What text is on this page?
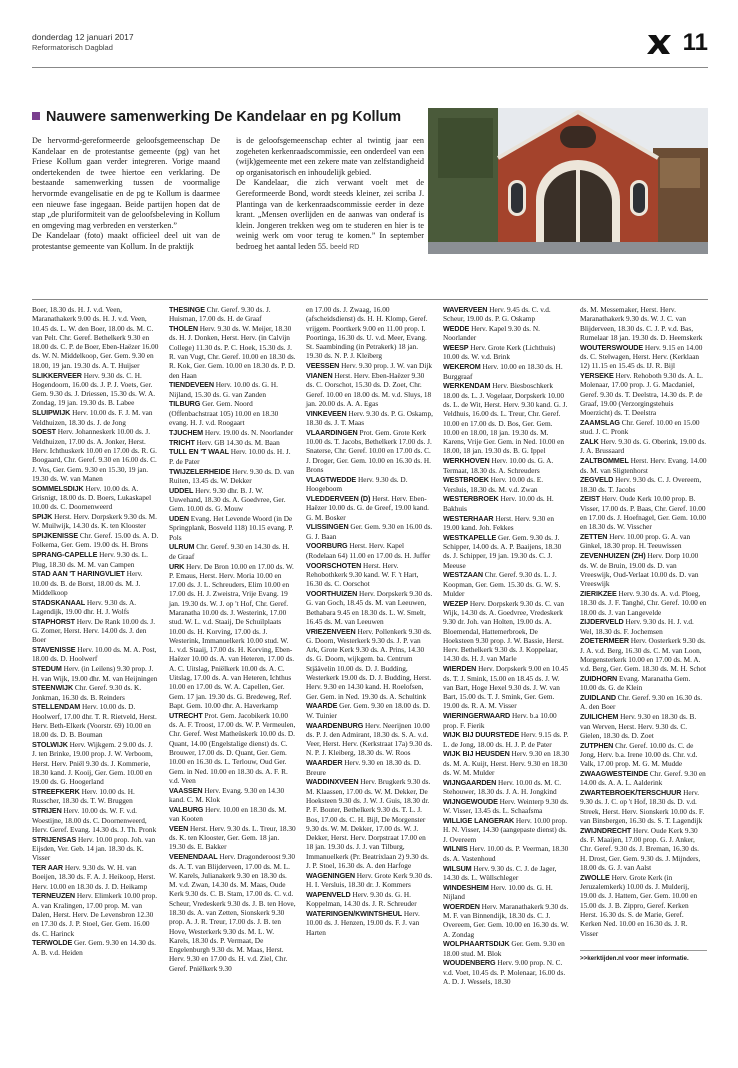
donderdag 12 januari 2017
Reformatorisch Dagblad	11
Nauwere samenwerking De Kandelaar en pg Kollum

De hervormd-gereformeerde geloofsgemeenschap De Kandelaar en de protestantse gemeente (pg) van het Friese Kollum gaan verder integreren. Vorige maand ondertekenden de twee hiertoe een verklaring. De bestaande samenwerking tussen de voormalige hervormde evangelisatie en de pg te Kollum is daarmee een nieuwe fase ingegaan. Beide partijen hopen dat de stap „de pluriformiteit van de geloofsbeleving in Kollum en omgeving mag verbreden en versterken.”

De Kandelaar (foto) maakt officieel deel uit van de protestantse gemeente van Kollum. In de praktijk

is de geloofsgemeenschap echter al twintig jaar een zogeheten kerkenraadscommissie, een onderdeel van een (wijk)gemeente met een zekere mate van zelfstandigheid op organisatorisch en inhoudelijk gebied.

De Kandelaar, die zich verwant voelt met de Gereformeerde Bond, wordt steeds kleiner, zei scriba J. Plantinga van de kerkenraadscommissie eerder in deze krant. „Mensen overlijden en de aanwas van onderaf is klein. Jongeren trekken weg om te studeren en hier is te weinig werk om voor terug te komen.” In september bedroeg het aantal leden 55. beeld RD

Boer, 18.30 ds. H. J. v.d. Veen, Maranathakerk 9.00 ds. H. J. v.d. Veen, 10.45 ds. L. W. den Boer, 18.00 ds. M. C. van Pelt. Chr. Geref. Bethelkerk 9.30 en 18.00 ds. C. P. de Boer, Eben-Haëzer 16.00 ds. W. N. Middelkoop, Ger. Gem. 9.30 en 18.00, 19 jan. 19.30 ds. A. T. Huijser
SLIKKERVEER Herv. 9.30 ds. C. H. Hogendoorn, 16.00 ds. J. P. J. Voets, Ger. Gem. 9.30 ds. J. Driessen, 15.30 ds. W. A. Zondag, 19 jan. 19.30 ds. B. Labee
SLUIPWIJK Herv. 10.00 ds. F. J. M. van Veldhuizen, 18.30 ds. J. de Jong
SOEST Herv. Johanneskerk 10.00 ds. J. Veldhuizen, 17.00 ds. A. Jonker, Herst. Herv. Ichthuskerk 10.00 en 17.00 ds. R. G. Boogaard, Chr. Geref. 9.30 en 16.00 ds. C. J. Vos, Ger. Gem. 9.30 en 15.30, 19 jan. 19.30 ds. W. van Manen
SOMMELSDIJK Herv. 10.00 ds. A. Grisnigt, 18.00 ds. D. Boers, Lukaskapel 10.00 ds. C. Doornenweerd
SPIJK Herst. Herv. Dorpskerk 9.30 ds. M. W. Muilwijk, 14.30 ds. K. ten Klooster
SPIJKENISSE Chr. Geref. 15.00 ds. A. D. Folkema, Ger. Gem. 19.00 ds. H. Brons
SPRANG-CAPELLE Herv. 9.30 ds. L. Plug, 18.30 ds. M. M. van Campen
STAD AAN 'T HARINGVLIET Herv. 10.00 ds. B. de Borst, 18.00 ds. M. J. Middelkoop
STADSKANAAL Herv. 9.30 ds. A. Lagendijk, 19.00 dhr. H. J. Wolfs
STAPHORST Herv. De Rank 10.00 ds. J. G. Zomer, Herst. Herv. 14.00 ds. J. den Boer
STAVENISSE Herv. 10.00 ds. M. A. Post, 18.00 ds. D. Hoolwerf
STEDUM Herv. (in Leilens) 9.30 prop. J. H. van Wijk, 19.00 dhr. M. van Heijningen
STEENWIJK Chr. Geref. 9.30 ds. K. Jonkman, 16.30 ds. B. Reinders
STELLENDAM Herv. 10.00 ds. D. Hoolwerf, 17.00 dhr. T. R. Rietveld, Herst. Herv. Beth-Elkerk (Voorstr. 69) 10.00 en 18.00 ds. D. B. Bouman
STOLWIJK Herv. Wijkgem. 2 9.00 ds. J. J. ten Brinke, 19.00 prop. J. W. Verboom, Herst. Herv. Pniël 9.30 ds. J. Kommerie, 18.30 kand. J. Kooij, Ger. Gem. 10.00 en 19.00 ds. G. Hoogerland
STREEFKERK Herv. 10.00 ds. H. Russcher, 18.30 ds. T. W. Bruggen
STRIJEN Herv. 10.00 ds. W. F. v.d. Woestijne, 18.00 ds. C. Doornenweerd, Herv. Geref. Evang. 14.30 ds. J. Th. Pronk
STRIJENSAS Herv. 10.00 prop. Joh. van Eijsden, Ver. Geb. 14 jan. 18.30 ds. K. Visser
TER AAR Herv. 9.30 ds. W. H. van Boeijen, 18.30 ds. F. A. J. Heikoop, Herst. Herv. 10.00 en 18.30 ds. J. D. Heikamp
TERNEUZEN Herv. Elimkerk 10.00 prop. A. van Kralingen, 17.00 prop. M. van Dalen, Herst. Herv. De Levensbron 12.30 en 17.30 ds. J. P. Stoel, Ger. Gem. 16.00 ds. C. Harinck
TERWOLDE Ger. Gem. 9.30 en 14.30 ds. A. B. v.d. Heiden
THESINGE Chr. Geref. 9.30 ds. J. Huisman, 17.00 ds. H. de Graaf
THOLEN Herv. 9.30 ds. W. Meijer, 18.30 ds. H. J. Donken, Herst. Herv. (in Calvijn College) 11.30 ds. P. C. Hoek, 15.30 ds. J. R. van Vugt, Chr. Geref. 10.00 en 18.30 ds. R. Kok, Ger. Gem. 10.00 en 18.30 ds. P. D. den Haan
TIENDEVEEN Herv. 10.00 ds. G. H. Nijland, 15.30 ds. G. van Zanden
TILBURG Ger. Gem. Noord (Offenbachstraat 105) 10.00 en 18.30 evang. H. J. v.d. Roogaart
TJUCHEM Herv. 19.00 ds. N. Noorlander
TRICHT Herv. GB 14.30 ds. M. Baan
TULL EN 'T WAAL Herv. 10.00 ds. H. J. P. de Pater
TWIJZELERHEIDE Herv. 9.30 ds. D. van Ruiten, 13.45 ds. W. Dekker
UDDEL Herv. 9.30 dhr. B. J. W. Uuwehand, 18.30 ds. A. Goedvree, Ger. Gem. 10.00 ds. G. Mouw
UDEN Evang. Het Levende Woord (in De Springplank, Bosveld 118) 10.15 evang. P. Pols
ULRUM Chr. Geref. 9.30 en 14.30 ds. H. de Graaf
URK Herv. De Bron 10.00 en 17.00 ds. W. P. Emaus, Herst. Herv. Moria 10.00 en 17.00 ds. J. L. Schreuders, Elim 10.00 en 17.00 ds. H. J. Zweistra, Vrije Evang. 19 jan. 19.30 ds. W. J. op 't Hof, Chr. Geref. Maranatha 10.00 ds. J. Westerink, 17.00 stud. W. L. v.d. Staaij, De Schuilplaats 10.00 ds. H. Korving, 17.00 ds. J. Westerink, Immanuelkerk 10.00 stud. W. L. v.d. Staaij, 17.00 ds. H. Korving, Eben-Haëzer 10.00 ds. A. van Heteren, 17.00 ds. A. C. Uitslag, Pniëlkerk 10.00 ds. A. C. Uitslag, 17.00 ds. A. van Heteren, Ichthus 10.00 en 17.00 ds. W. A. Capellen, Ger. Gem. 17 jan. 19.30 ds. G. Bredeweg, Ref. Bapt. Gem. 10.00 dhr. A. Haverkamp
UTRECHT Prot. Gem. Jacobikerk 10.00 ds. A. F. Troost, 17.00 ds. W. P. Vermeulen, Chr. Geref. West Matheüskerk 10.00 ds. D. Quant, 14.00 (Engelstalige dienst) ds. C. Brouwer, 17.00 ds. D. Quant, Ger. Gem. 10.00 en 16.30 ds. L. Terlouw, Oud Ger. Gem. in Ned. 10.00 en 18.30 ds. A. F. R. v.d. Veen
VAASSEN Herv. Evang. 9.30 en 14.30 kand. C. M. Klok
VALBURG Herv. 10.00 en 18.30 ds. M. van Kooten
VEEN Herst. Herv. 9.30 ds. L. Treur, 18.30 ds. K. ten Klooster, Ger. Gem. 18 jan. 19.30 ds. E. Bakker
VEENENDAAL Herv. Dragonderoost 9.30 ds. A. T. van Blijderveen, 17.00 ds. M. L. W. Karels, Julianakerk 9.30 en 18.30 ds. M. v.d. Zwan, 14.30 ds. M. Maas, Oude Kerk 9.30 ds. C. B. Stam, 17.00 ds. C. v.d. Scheur, Vredeskerk 9.30 ds. J. B. ten Hove, 18.30 ds. A. van Zetten, Sionskerk 9.30 prop. A. J. R. Treur, 17.00 ds. J. B. ten Hove, Westerkerk 9.30 ds. M. L. W. Karels, 18.30 ds. P. Vermaat, De Engelenburgh 9.30 ds. M. Maas, Herst. Herv. 9.30 en 17.00 ds. H. v.d. Ziel, Chr. Geref. Pniëlkerk 9.30
en 17.00 ds. J. Zwaag, 16.00 (afscheidsdienst) ds. H. H. Klomp, Geref. vrijgem. Poortkerk 9.00 en 11.00 prop. I. Poortinga, 16.30 ds. U. v.d. Meer, Evang. St. Saambinding (in Petrakerk) 18 jan. 19.30 ds. N. P. J. Kleiberg
VEESSEN Herv. 9.30 prop. J. W. van Dijk
VIANEN Herst. Herv. Eben-Haëzer 9.30 ds. C. Oorschot, 15.30 ds. D. Zoet, Chr. Geref. 10.00 en 18.00 ds. M. v.d. Sluys, 18 jan. 20.00 ds. A. A. Egas
VINKEVEEN Herv. 9.30 ds. P. G. Oskamp, 18.30 ds. J. T. Maas
VLAARDINGEN Prot. Gem. Grote Kerk 10.00 ds. T. Jacobs, Bethelkerk 17.00 ds. J. Snaterse, Chr. Geref. 10.00 en 17.00 ds. C. J. Droger, Ger. Gem. 10.00 en 16.30 ds. H. Brons
VLAGTWEDDE Herv. 9.30 ds. D. Hoogeboom
VLEDDERVEEN (D) Herst. Herv. Eben-Haëzer 10.00 ds. G. de Greef, 19.00 kand. G. M. Bosker
VLISSINGEN Ger. Gem. 9.30 en 16.00 ds. G. J. Baan
VOORBURG Herst. Herv. Kapel (Rodelaan 64) 11.00 en 17.00 ds. H. Juffer
VOORSCHOTEN Herst. Herv. Rehobothkerk 9.30 kand. W. F. 't Hart, 16.30 ds. C. Oorschot
VOORTHUIZEN Herv. Dorpskerk 9.30 ds. G. van Goch, 18.45 ds. M. van Leeuwen, Bethabara 9.45 en 18.30 ds. L. W. Smelt, 16.45 ds. M. van Leeuwen
VRIEZENVEEN Herv. Pollenkerk 9.30 ds. G. Doorn, Westerkerk 9.30 ds. J. P. van Ark, Grote Kerk 9.30 ds. A. Prins, 14.30 ds. G. Doorn, wijkgem. ba. Centrum Stjäävelin 10.00 ds. D. J. Budding, Westerkerk 19.00 ds. D. J. Budding, Herst. Herv. 9.30 en 14.30 kand. H. Roelofsen, Ger. Gem. in Ned. 19.30 ds. A. Schultink
WAARDE Ger. Gem. 9.30 en 18.00 ds. D. W. Tuinier
WAARDENBURG Herv. Neerijnen 10.00 ds. P. J. den Admirant, 18.30 ds. S. A. v.d. Veer, Herst. Herv. (Kerkstraat 17a) 9.30 ds. N. P. J. Kleiberg, 18.30 ds. W. Roos
WAARDER Herv. 9.30 en 18.30 ds. D. Breure
WADDINXVEEN Herv. Brugkerk 9.30 ds. M. Klaassen, 17.00 ds. W. M. Dekker, De Hoeksteen 9.30 ds. J. W. J. Guis, 18.30 dr. P. F. Bouter, Bethelkerk 9.30 ds. T. L. J. Bos, 17.00 ds. C. H. Bijl, De Morgenster 9.30 ds. W. M. Dekker, 17.00 ds. W. J. Dekker, Herst. Herv. Dorpstraat 17.00 en 18 jan. 19.30 ds. J. J. van Tilburg, Immanuelkerk (Pr. Beatrixlaan 2) 9.30 ds. J. P. Stoel, 16.30 ds. A. den Harfoge
WAGENINGEN Herv. Grote Kerk 9.30 ds. H. I. Versluis, 18.30 dr. J. Kommers
WAPENVELD Herv. 9.30 ds. G. H. Koppelman, 14.30 ds. J. R. Schreuder
WATERINGEN/KWINTSHEUL Herv. 10.00 ds. J. Henzen, 19.00 ds. F. J. van Harten
WAVERVEEN Herv. 9.45 ds. C. v.d. Scheur, 19.00 ds. P. G. Oskamp
WEDDE Herv. Kapel 9.30 ds. N. Noorlander
WEESP Herv. Grote Kerk (Lichthuis) 10.00 ds. W. v.d. Brink
WEKEROM Herv. 10.00 en 18.30 ds. H. Burggraaf
WERKENDAM Herv. Biesboschkerk 18.00 ds. L. J. Vogelaar, Dorpskerk 10.00 ds. L. de Wit, Herst. Herv. 9.30 kand. G. J. Veldhuis, 16.00 ds. L. Treur, Chr. Geref. 10.00 en 17.00 ds. D. Bos, Ger. Gem. 10.00 en 18.00, 18 jan. 19.30 ds. M. Karens, Vrije Ger. Gem. in Ned. 10.00 en 18.00, 18 jan. 19.30 ds. B. G. Ippel
WERKHOVEN Herv. 10.00 ds. G. A. Termaat, 18.30 ds. A. Schreuders
WESTBROEK Herv. 10.00 ds. E. Versluis, 18.30 ds. M. v.d. Zwan
WESTERBROEK Herv. 10.00 ds. H. Bakhuis
WESTERHAAR Herst. Herv. 9.30 en 19.00 kand. Joh. Fekkes
WESTKAPELLE Ger. Gem. 9.30 ds. J. Schipper, 14.00 ds. A. P. Baaijens, 18.30 ds. J. Schipper, 19 jan. 19.30 ds. C. J. Meeuse
WESTZAAN Chr. Geref. 9.30 ds. L. J. Koopman, Ger. Gem. 15.30 ds. G. W. S. Mulder
WEZEP Herv. Dorpskerk 9.30 ds. C. van Wijk, 14.30 ds. A. Goedvree, Vredeskerk 9.30 dr. Joh. van Holten, 19.00 ds. A. Bloemendal, Hattemerbroek, De Hoeksteen 9.30 prop. J. W. Bassie, Herst. Herv. Bethelkerk 9.30 ds. J. Koppelaar, 14.30 ds. H. J. van Marle
WIERDEN Herv. Dorpskerk 9.00 en 10.45 ds. T. J. Smink, 15.00 en 18.45 ds. J. W. van Bart, Hoge Hexel 9.30 ds. J. W. van Bart, 15.00 ds. T. J. Smink, Ger. Gem. 19.00 ds. R. A. M. Visser
WIERINGERWAARD Herv. b.a 10.00 prop. F. Fierik
WIJK BIJ DUURSTEDE Herv. 9.15 ds. P. L. de Jong, 18.00 ds. H. J. P. de Pater
WIJK BIJ HEUSDEN Herv. 9.30 en 18.30 ds. M. A. Kuijt, Herst. Herv. 9.30 en 18.30 ds. W. M. Mulder
WIJNGAARDEN Herv. 10.00 ds. M. C. Stehouwer, 18.30 ds. J. A. H. Jongkind
WIJNGEWOUDE Herv. Weinterp 9.30 ds. W. Visser, 13.45 ds. L. Schaafsma
WILLIGE LANGERAK Herv. 10.00 prop. H. N. Visser, 14.30 (aangepaste dienst) ds. J. Overeem
WILNIS Herv. 10.00 ds. P. Veerman, 18.30 ds. A. Vastenhoud
WILSUM Herv. 9.30 ds. C. J. de Jager, 14.30 ds. L. Wüllschleger
WINDESHEIM Herv. 10.00 ds. G. H. Nijland
WOERDEN Herv. Maranathakerk 9.30 ds. M. F. van Binnendijk, 18.30 ds. C. J. Overeem, Ger. Gem. 10.00 en 16.30 ds. W. A. Zondag
WOLPHAARTSDIJK Ger. Gem. 9.30 en 18.00 stud. M. Blok
WOUDENBERG Herv. 9.00 prop. N. C. v.d. Voet, 10.45 ds. P. Molenaar, 16.00 ds. A. D. J. Wessels, 18.30
ds. M. Messemaker, Herst. Herv. Maranathakerk 9.30 ds. W. J. C. van Blijderveen, 18.30 ds. C. J. P. v.d. Bas, Rumelaar 18 jan. 19.30 ds. D. Heemskerk
WOUTERSWOUDE Herv. 9.15 en 14.00 ds. C. Stelwagen, Herst. Herv. (Kerklaan 12) 11.15 en 15.45 ds. IJ. R. Bijl
YERSEKE Herv. Rehoboth 9.30 ds. A. L. Molenaar, 17.00 prop. J. G. Macdaniel, Geref. 9.30 ds. T. Deelstra, 14.30 ds. P. de Graaf, 19.00 (Verzorgingstehuis Moerzicht) ds. T. Deelstra
ZAAMSLAG Chr. Geref. 10.00 en 15.00 stud. J. C. Pronk
ZALK Herv. 9.30 ds. G. Oberink, 19.00 ds. J. A. Brussaard
ZALTBOMMEL Herst. Herv. Evang. 14.00 ds. M. van Sligtenhorst
ZEGVELD Herv. 9.30 ds. C. J. Overeem, 18.30 ds. T. Jacobs
ZEIST Herv. Oude Kerk 10.00 prop. B. Visser, 17.00 ds. P. Baas, Chr. Geref. 10.00 en 17.00 ds. J. Hoefnagel, Ger. Gem. 10.00 en 18.30 ds. W. Visscher
ZETTEN Herv. 10.00 prop. G. A. van Ginkel, 18.30 prop. H. Teeuwissen
ZEVENHUIZEN (ZH) Herv. Dorp 10.00 ds. W. de Bruin, 19.00 ds. D. van Vreeswijk, Oud-Verlaat 10.00 ds. D. van Vreeswijk
ZIERIKZEE Herv. 9.30 ds. A. v.d. Ploeg, 18.30 ds. J. F. Tanghé, Chr. Geref. 10.00 en 18.00 ds. J. van Langevelde
ZIJDERVELD Herv. 9.30 ds. H. J. v.d. Wel, 18.30 ds. F. Jochemsen
ZOETERMEER Herv. Oosterkerk 9.30 ds. J. A. v.d. Berg, 16.30 ds. C. M. van Loon, Morgensterkerk 10.00 en 17.00 ds. M. A. v.d. Berg, Ger. Gem. 18.30 ds. M. H. Schot
ZUIDHORN Evang. Maranatha Gem. 10.00 ds. G. de Klein
ZUIDLAND Chr. Geref. 9.30 en 16.30 ds. A. den Boer
ZUILICHEM Herv. 9.30 en 18.30 ds. B. van Werven, Herst. Herv. 9.30 ds. C. Gielen, 18.30 ds. D. Zoet
ZUTPHEN Chr. Geref. 10.00 ds. C. de Jong, Herv. b.a. Irene 10.00 ds. Chr. v.d. Valk, 17.00 prop. M. G. M. Mudde
ZWAAGWESTEINDE Chr. Geref. 9.30 en 14.00 ds. A. A. L. Aalderink
ZWARTEBROEK/TERSCHUUR Herv. 9.30 ds. J. C. op 't Hof, 18.30 ds. D. v.d. Streek, Herst. Herv. Sionskerk 10.00 ds. F. van Binsbergen, 16.30 ds. S. T. Lagendijk
ZWIJNDRECHT Herv. Oude Kerk 9.30 ds. F. Maaijen, 17.00 prop. G. J. Anker, Chr. Geref. 9.30 ds. J. Breman, 16.30 ds. H. Drost, Ger. Gem. 9.30 ds. J. Mijnders, 18.00 ds. G. J. van Aalst
ZWOLLE Herv. Grote Kerk (in Jeruzalemkerk) 10.00 ds. J. Mulderij, 19.00 ds. J. Hattem, Ger. Gem. 10.00 en 15.00 ds. J. B. Zippro, Geref. Kerken Herst. 16.30 ds. S. de Marie, Geref. Kerken Ned. 10.00 en 16.30 ds. J. R. Visser
>>kerktijden.nl voor meer informatie.
